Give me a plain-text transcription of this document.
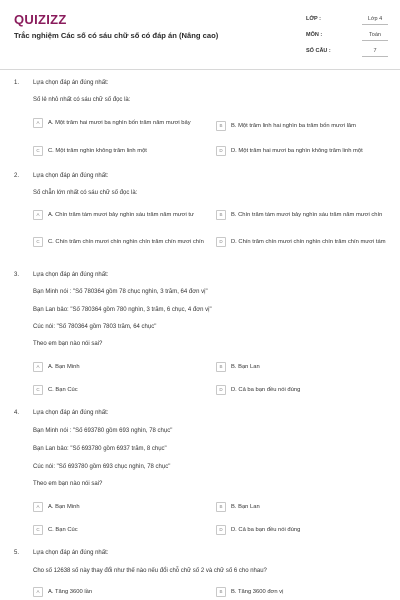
QUIZIZZ
Trắc nghiệm Các số có sáu chữ số có đáp án (Nâng cao)
LỚP :	Lớp 4
MÔN :	Toán
SỐ CÂU :	7
1. Lựa chọn đáp án đúng nhất:
Số lẻ nhỏ nhất có sáu chữ số đọc là:
A	A. Một trăm hai mươi ba nghìn bốn trăm năm mươi bảy	B	B. Một trăm linh hai nghìn ba trăm bốn mươi lăm
C	C. Một trăm nghìn không trăm linh một	D	D. Một trăm hai mươi ba nghìn không trăm linh một
2. Lựa chọn đáp án đúng nhất:
Số chẵn lớn nhất có sáu chữ số đọc là:
A	A. Chín trăm tám mươi bảy nghìn sáu trăm năm mươi tư	B	B. Chín trăm tám mươi bảy nghìn sáu trăm năm mươi chín
C	C. Chín trăm chín mươi chín nghìn chín trăm chín mươi chín	D	D. Chín trăm chín mươi chín nghìn chín trăm chín mươi tám
3. Lựa chọn đáp án đúng nhất:
Bạn Minh nói : "Số 780364 gồm 78 chục nghìn, 3 trăm, 64 đơn vị"
Bạn Lan bảo: "Số 780364 gồm 780 nghìn, 3 trăm, 6 chục, 4 đơn vị"
Cúc nói: "Số 780364 gồm 7803 trăm, 64 chục"
Theo em bạn nào nói sai?
A	A. Bạn Minh	B	B. Bạn Lan
C	C. Bạn Cúc	D	D. Cả ba bạn đều nói đúng
4. Lựa chọn đáp án đúng nhất:
Bạn Minh nói : "Số 693780 gồm 693 nghìn, 78 chục"
Bạn Lan bảo: "Số 693780 gồm 6937 trăm, 8 chục"
Cúc nói: "Số 693780 gồm 693 chục nghìn, 78 chục"
Theo em bạn nào nói sai?
A	A. Bạn Minh	B	B. Bạn Lan
C	C. Bạn Cúc	D	D. Cả ba bạn đều nói đúng
5. Lựa chọn đáp án đúng nhất:
Cho số 12638 số này thay đổi như thế nào nếu đổi chỗ chữ số 2 và chữ số 6 cho nhau?
A	A. Tăng 3600 lần	B	B. Tăng 3600 đơn vị
